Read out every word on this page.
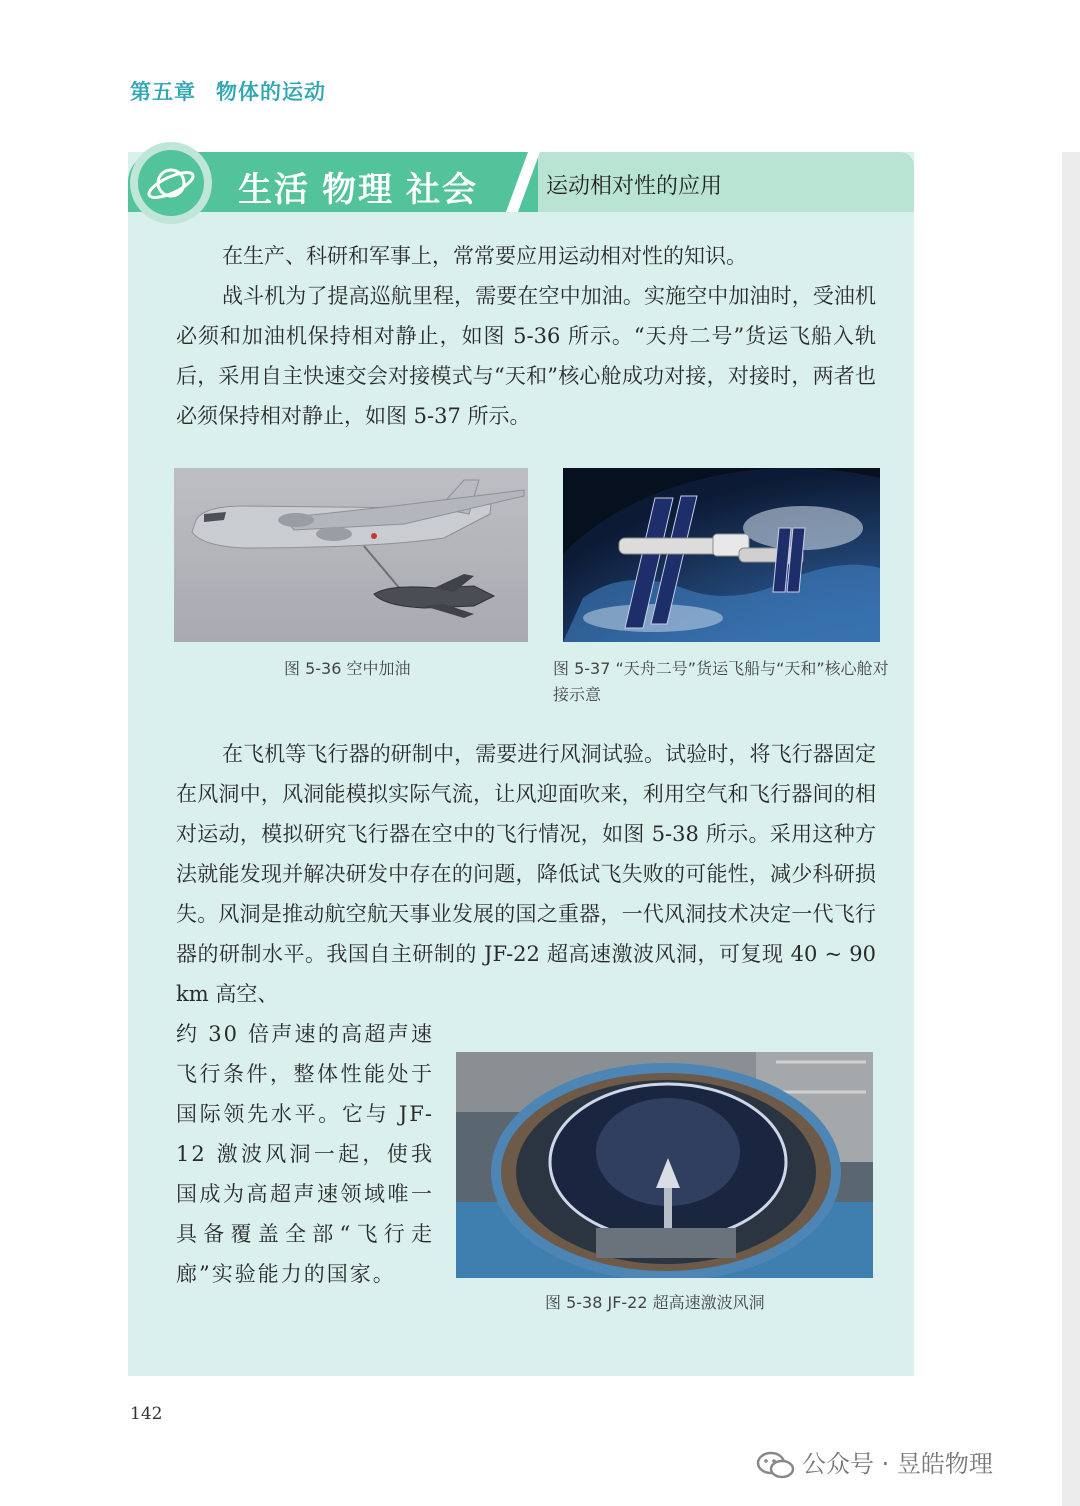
第五章 物体的运动
生活 物理 社会	运动相对性的应用

在生产、科研和军事上，常常要应用运动相对性的知识。

战斗机为了提高巡航里程，需要在空中加油。实施空中加油时，受油机必须和加油机保持相对静止，如图 5-36 所示。“天舟二号”货运飞船入轨后，采用自主快速交会对接模式与“天和”核心舱成功对接，对接时，两者也必须保持相对静止，如图 5-37 所示。

图 5-36 空中加油	图 5-37 “天舟二号”货运飞船与“天和”核心舱对接示意

在飞机等飞行器的研制中，需要进行风洞试验。试验时，将飞行器固定在风洞中，风洞能模拟实际气流，让风迎面吹来，利用空气和飞行器间的相对运动，模拟研究飞行器在空中的飞行情况，如图 5-38 所示。采用这种方法就能发现并解决研发中存在的问题，降低试飞失败的可能性，减少科研损失。风洞是推动航空航天事业发展的国之重器，一代风洞技术决定一代飞行器的研制水平。我国自主研制的 JF-22 超高速激波风洞，可复现 40 ~ 90 km 高空、

约 30 倍声速的高超声速飞行条件，整体性能处于国际领先水平。它与 JF-12 激波风洞一起，使我国成为高超声速领域唯一具备覆盖全部“飞行走廊”实验能力的国家。

图 5-38 JF-22 超高速激波风洞
142
公众号 · 昱皓物理
